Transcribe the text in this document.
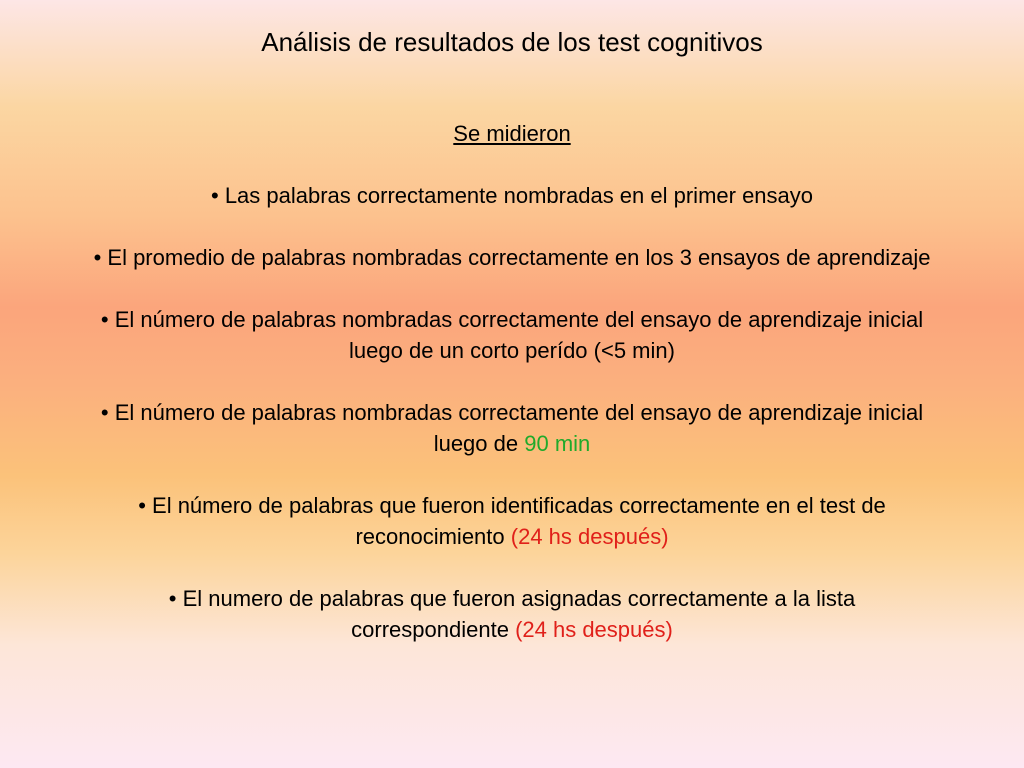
Análisis de resultados de los test cognitivos
Se midieron
• Las palabras correctamente nombradas en el primer ensayo
• El promedio de palabras nombradas correctamente en los 3 ensayos de aprendizaje
• El número de palabras nombradas correctamente del ensayo de aprendizaje inicial luego de un corto perído (<5 min)
• El número de palabras nombradas correctamente del ensayo de aprendizaje inicial luego de 90 min
• El número de palabras que fueron identificadas correctamente en el test de reconocimiento (24 hs después)
• El numero de palabras que fueron asignadas correctamente a la lista correspondiente (24 hs después)
